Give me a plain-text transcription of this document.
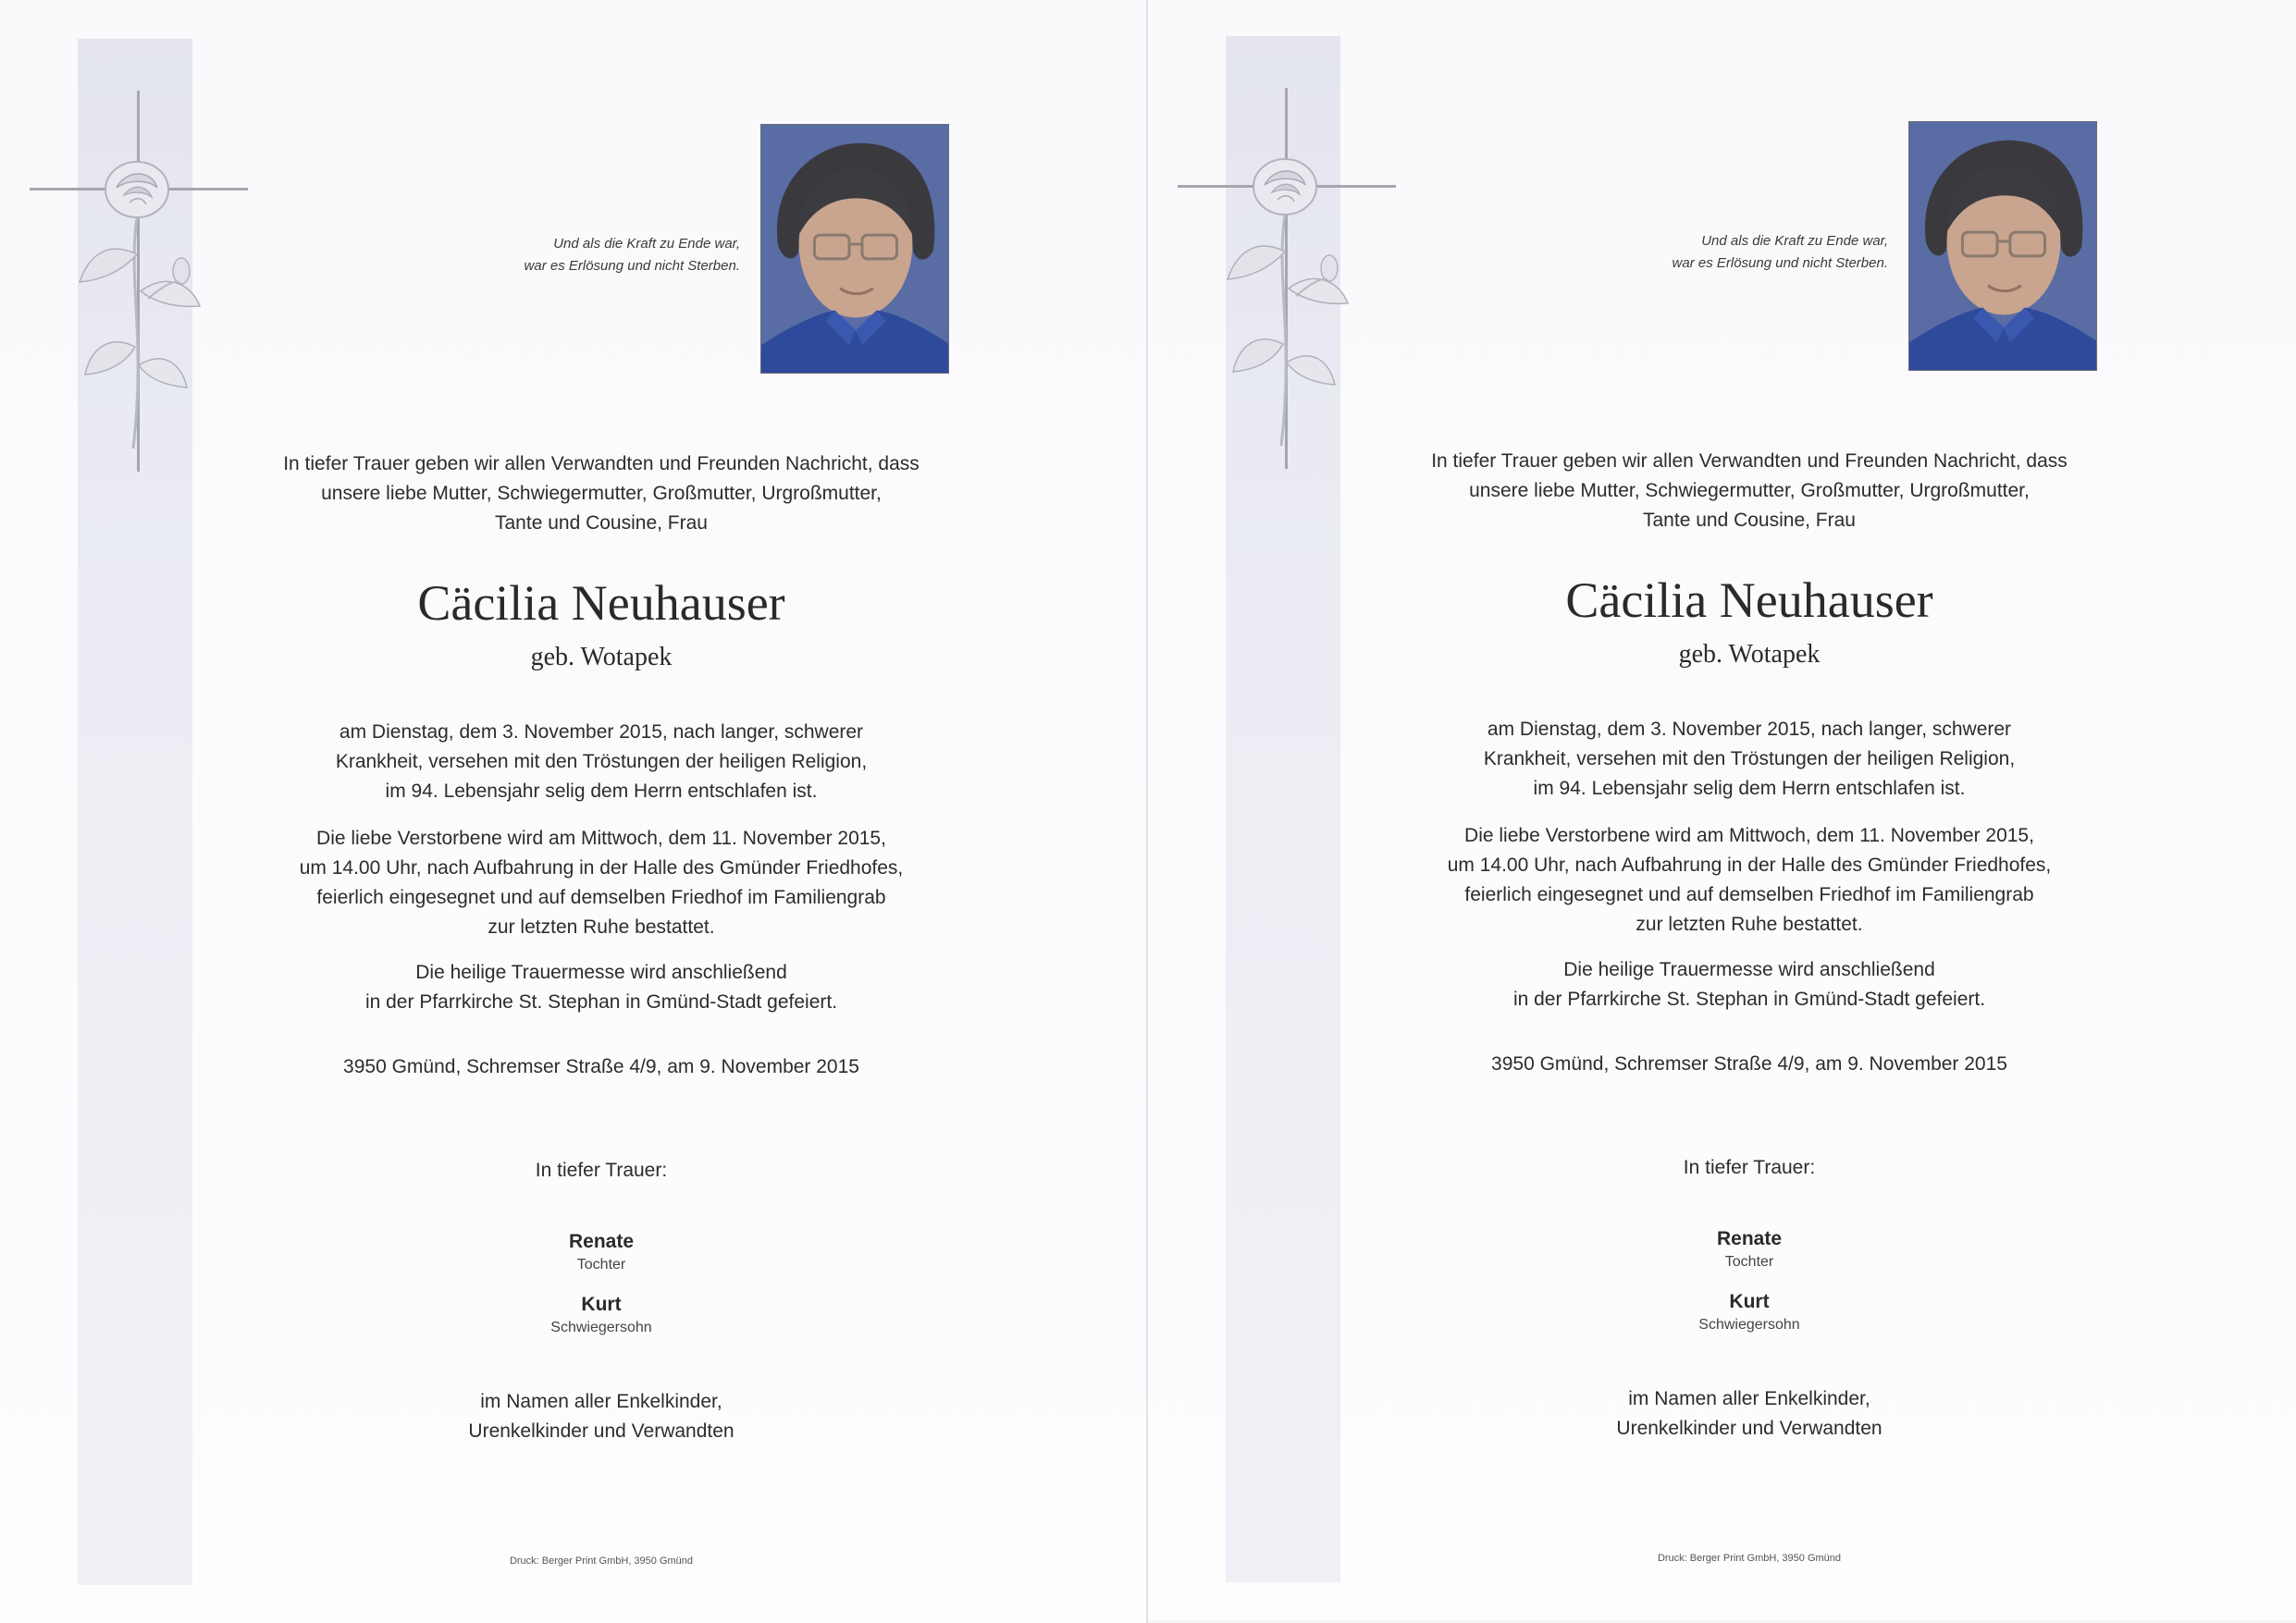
Und als die Kraft zu Ende war,
war es Erlösung und nicht Sterben.
In tiefer Trauer geben wir allen Verwandten und Freunden Nachricht, dass
unsere liebe Mutter, Schwiegermutter, Großmutter, Urgroßmutter,
Tante und Cousine, Frau
Cäcilia Neuhauser
geb. Wotapek
am Dienstag, dem 3. November 2015, nach langer, schwerer
Krankheit, versehen mit den Tröstungen der heiligen Religion,
im 94. Lebensjahr selig dem Herrn entschlafen ist.
Die liebe Verstorbene wird am Mittwoch, dem 11. November 2015,
um 14.00 Uhr, nach Aufbahrung in der Halle des Gmünder Friedhofes,
feierlich eingesegnet und auf demselben Friedhof im Familiengrab
zur letzten Ruhe bestattet.
Die heilige Trauermesse wird anschließend
in der Pfarrkirche St. Stephan in Gmünd-Stadt gefeiert.
3950 Gmünd, Schremser Straße 4/9, am 9. November 2015
In tiefer Trauer:
Renate
Tochter
Kurt
Schwiegersohn
im Namen aller Enkelkinder,
Urenkelkinder und Verwandten
Druck: Berger Print GmbH, 3950 Gmünd
Und als die Kraft zu Ende war,
war es Erlösung und nicht Sterben.
In tiefer Trauer geben wir allen Verwandten und Freunden Nachricht, dass
unsere liebe Mutter, Schwiegermutter, Großmutter, Urgroßmutter,
Tante und Cousine, Frau
Cäcilia Neuhauser
geb. Wotapek
am Dienstag, dem 3. November 2015, nach langer, schwerer
Krankheit, versehen mit den Tröstungen der heiligen Religion,
im 94. Lebensjahr selig dem Herrn entschlafen ist.
Die liebe Verstorbene wird am Mittwoch, dem 11. November 2015,
um 14.00 Uhr, nach Aufbahrung in der Halle des Gmünder Friedhofes,
feierlich eingesegnet und auf demselben Friedhof im Familiengrab
zur letzten Ruhe bestattet.
Die heilige Trauermesse wird anschließend
in der Pfarrkirche St. Stephan in Gmünd-Stadt gefeiert.
3950 Gmünd, Schremser Straße 4/9, am 9. November 2015
In tiefer Trauer:
Renate
Tochter
Kurt
Schwiegersohn
im Namen aller Enkelkinder,
Urenkelkinder und Verwandten
Druck: Berger Print GmbH, 3950 Gmünd
